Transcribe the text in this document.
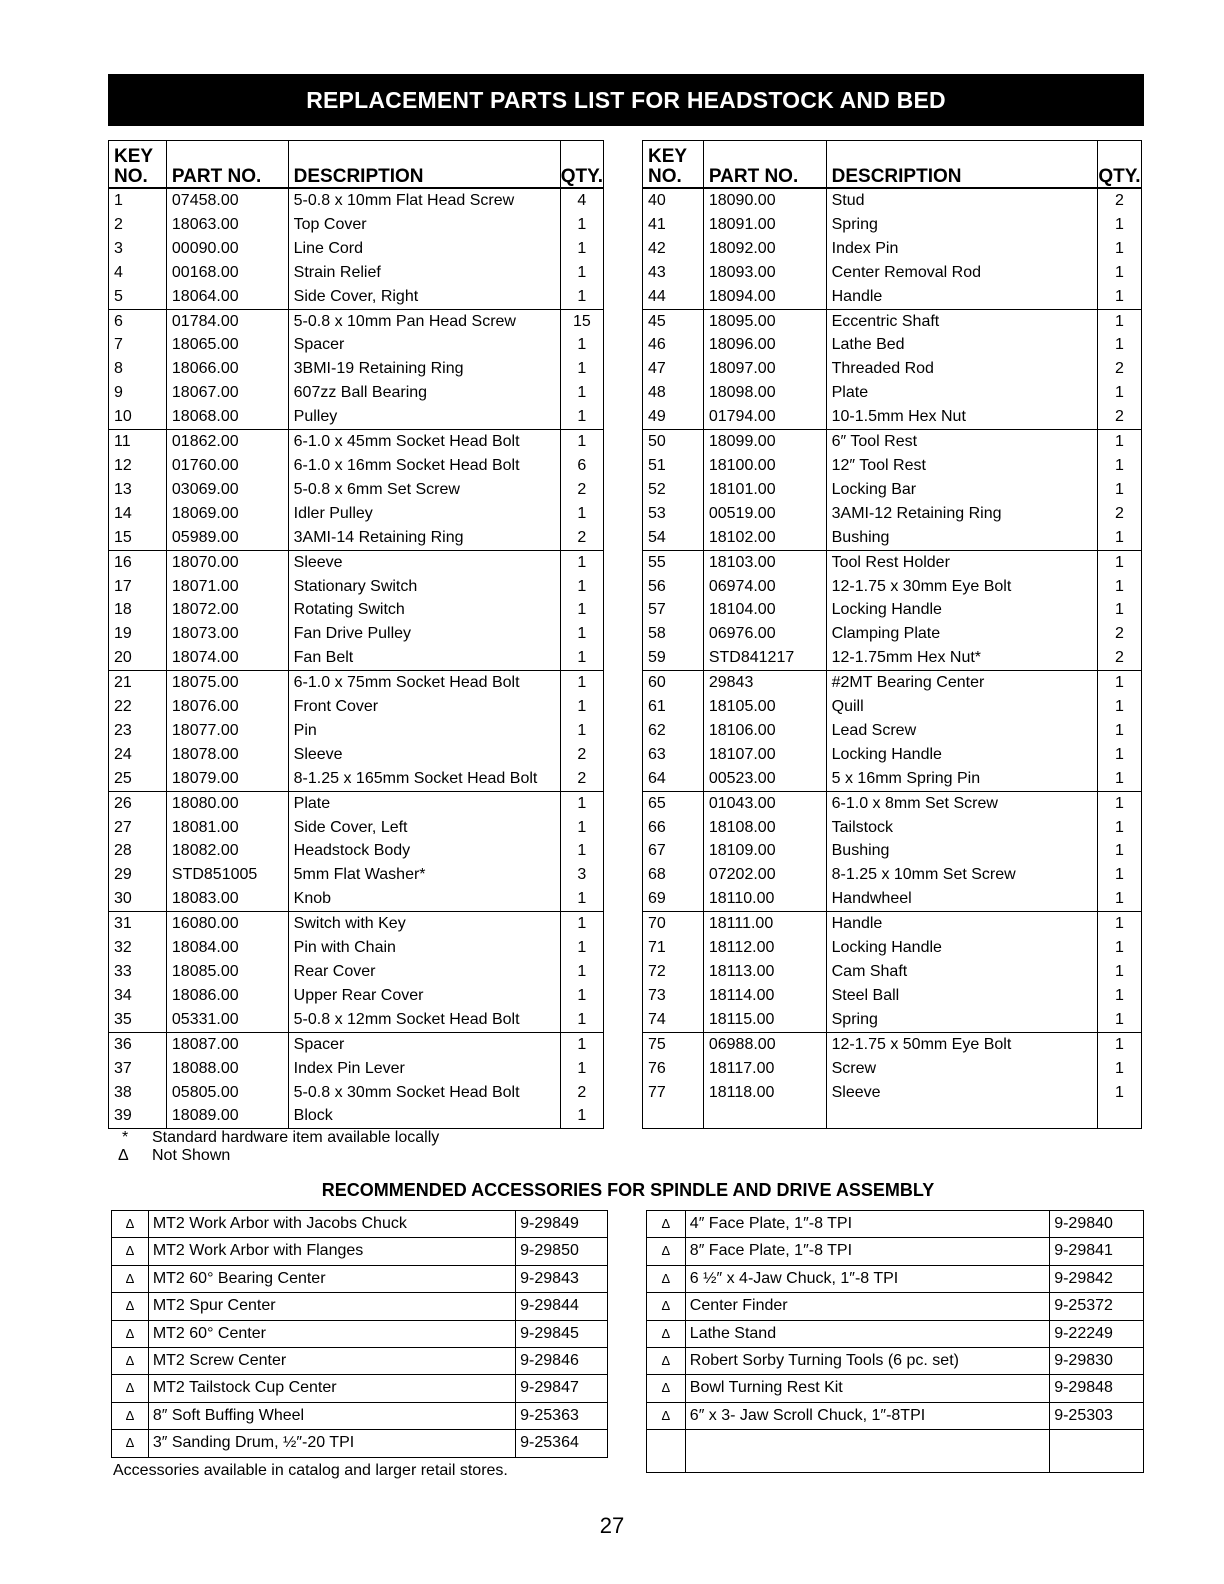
REPLACEMENT PARTS LIST FOR HEADSTOCK AND BED
KEY
NO.	PART NO.	DESCRIPTION	QTY.
1	07458.00	5-0.8 x 10mm Flat Head Screw	4
2	18063.00	Top Cover	1
3	00090.00	Line Cord	1
4	00168.00	Strain Relief	1
5	18064.00	Side Cover, Right	1
6	01784.00	5-0.8 x 10mm Pan Head Screw	15
7	18065.00	Spacer	1
8	18066.00	3BMI-19 Retaining Ring	1
9	18067.00	607zz Ball Bearing	1
10	18068.00	Pulley	1
11	01862.00	6-1.0 x 45mm Socket Head Bolt	1
12	01760.00	6-1.0 x 16mm Socket Head Bolt	6
13	03069.00	5-0.8 x 6mm Set Screw	2
14	18069.00	Idler Pulley	1
15	05989.00	3AMI-14 Retaining Ring	2
16	18070.00	Sleeve	1
17	18071.00	Stationary Switch	1
18	18072.00	Rotating Switch	1
19	18073.00	Fan Drive Pulley	1
20	18074.00	Fan Belt	1
21	18075.00	6-1.0 x 75mm Socket Head Bolt	1
22	18076.00	Front Cover	1
23	18077.00	Pin	1
24	18078.00	Sleeve	2
25	18079.00	8-1.25 x 165mm Socket Head Bolt	2
26	18080.00	Plate	1
27	18081.00	Side Cover, Left	1
28	18082.00	Headstock Body	1
29	STD851005	5mm Flat Washer*	3
30	18083.00	Knob	1
31	16080.00	Switch with Key	1
32	18084.00	Pin with Chain	1
33	18085.00	Rear Cover	1
34	18086.00	Upper Rear Cover	1
35	05331.00	5-0.8 x 12mm Socket Head Bolt	1
36	18087.00	Spacer	1
37	18088.00	Index Pin Lever	1
38	05805.00	5-0.8 x 30mm Socket Head Bolt	2
39	18089.00	Block	1
KEY
NO.	PART NO.	DESCRIPTION	QTY.
40	18090.00	Stud	2
41	18091.00	Spring	1
42	18092.00	Index Pin	1
43	18093.00	Center Removal Rod	1
44	18094.00	Handle	1
45	18095.00	Eccentric Shaft	1
46	18096.00	Lathe Bed	1
47	18097.00	Threaded Rod	2
48	18098.00	Plate	1
49	01794.00	10-1.5mm Hex Nut	2
50	18099.00	6″ Tool Rest	1
51	18100.00	12″ Tool Rest	1
52	18101.00	Locking Bar	1
53	00519.00	3AMI-12 Retaining Ring	2
54	18102.00	Bushing	1
55	18103.00	Tool Rest Holder	1
56	06974.00	12-1.75 x 30mm Eye Bolt	1
57	18104.00	Locking Handle	1
58	06976.00	Clamping Plate	2
59	STD841217	12-1.75mm Hex Nut*	2
60	29843	#2MT Bearing Center	1
61	18105.00	Quill	1
62	18106.00	Lead Screw	1
63	18107.00	Locking Handle	1
64	00523.00	5 x 16mm Spring Pin	1
65	01043.00	6-1.0 x 8mm Set Screw	1
66	18108.00	Tailstock	1
67	18109.00	Bushing	1
68	07202.00	8-1.25 x 10mm Set Screw	1
69	18110.00	Handwheel	1
70	18111.00	Handle	1
71	18112.00	Locking Handle	1
72	18113.00	Cam Shaft	1
73	18114.00	Steel Ball	1
74	18115.00	Spring	1
75	06988.00	12-1.75 x 50mm Eye Bolt	1
76	18117.00	Screw	1
77	18118.00	Sleeve	1

* Standard hardware item available locally
Δ Not Shown
RECOMMENDED ACCESSORIES FOR SPINDLE AND DRIVE ASSEMBLY
Δ	MT2 Work Arbor with Jacobs Chuck	9-29849
Δ	MT2 Work Arbor with Flanges	9-29850
Δ	MT2 60° Bearing Center	9-29843
Δ	MT2 Spur Center	9-29844
Δ	MT2 60° Center	9-29845
Δ	MT2 Screw Center	9-29846
Δ	MT2 Tailstock Cup Center	9-29847
Δ	8″ Soft Buffing Wheel	9-25363
Δ	3″ Sanding Drum, ½″-20 TPI	9-25364
Δ	4″ Face Plate, 1″-8 TPI	9-29840
Δ	8″ Face Plate, 1″-8 TPI	9-29841
Δ	6 ½″ x 4-Jaw Chuck, 1″-8 TPI	9-29842
Δ	Center Finder	9-25372
Δ	Lathe Stand	9-22249
Δ	Robert Sorby Turning Tools (6 pc. set)	9-29830
Δ	Bowl Turning Rest Kit	9-29848
Δ	6″ x 3- Jaw Scroll Chuck, 1″-8TPI	9-25303

Accessories available in catalog and larger retail stores.
27
